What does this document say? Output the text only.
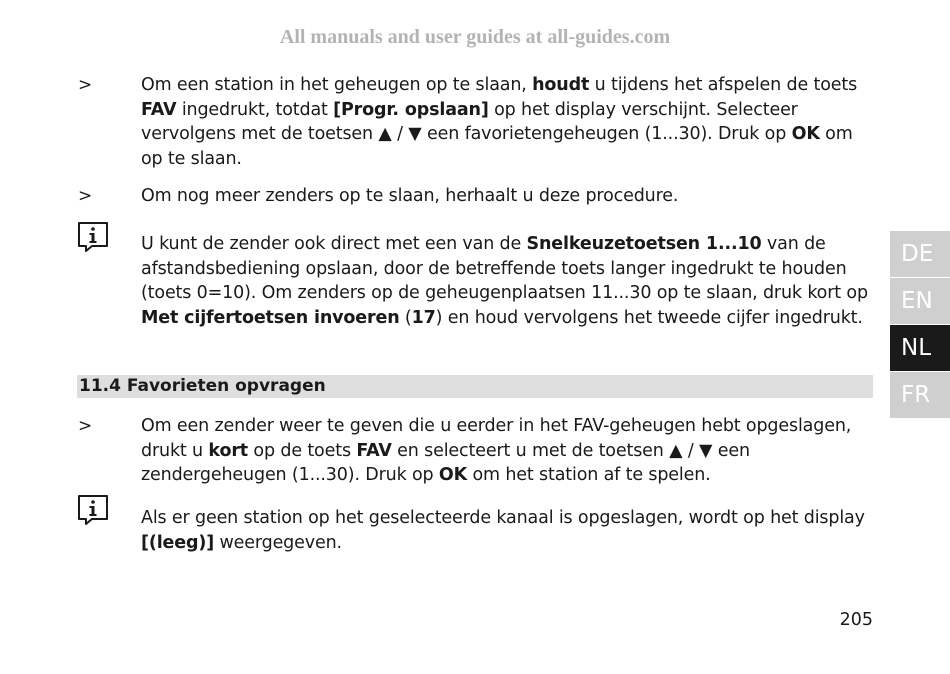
All manuals and user guides at all-guides.com
>	Om een station in het geheugen op te slaan, houdt u tijdens het afspelen de toets FAV ingedrukt, totdat [Progr. opslaan] op het display verschijnt. Selecteer vervolgens met de toetsen ▲ / ▼ een favorietengeheugen (1...30). Druk op OK om op te slaan.
>	Om nog meer zenders op te slaan, herhaalt u deze procedure.
U kunt de zender ook direct met een van de Snelkeuzetoetsen 1...10 van de afstandsbediening opslaan, door de betreffende toets langer ingedrukt te houden (toets 0=10). Om zenders op de geheugenplaatsen 11...30 op te slaan, druk kort op Met cijfertoetsen invoeren (17) en houd vervolgens het tweede cijfer ingedrukt.
11.4 Favorieten opvragen
>	Om een zender weer te geven die u eerder in het FAV-geheugen hebt opgeslagen, drukt u kort op de toets FAV en selecteert u met de toetsen ▲ / ▼ een zendergeheugen (1...30). Druk op OK om het station af te spelen.
Als er geen station op het geselecteerde kanaal is opgeslagen, wordt op het display [(leeg)] weergegeven.
205
DE
EN
NL
FR
